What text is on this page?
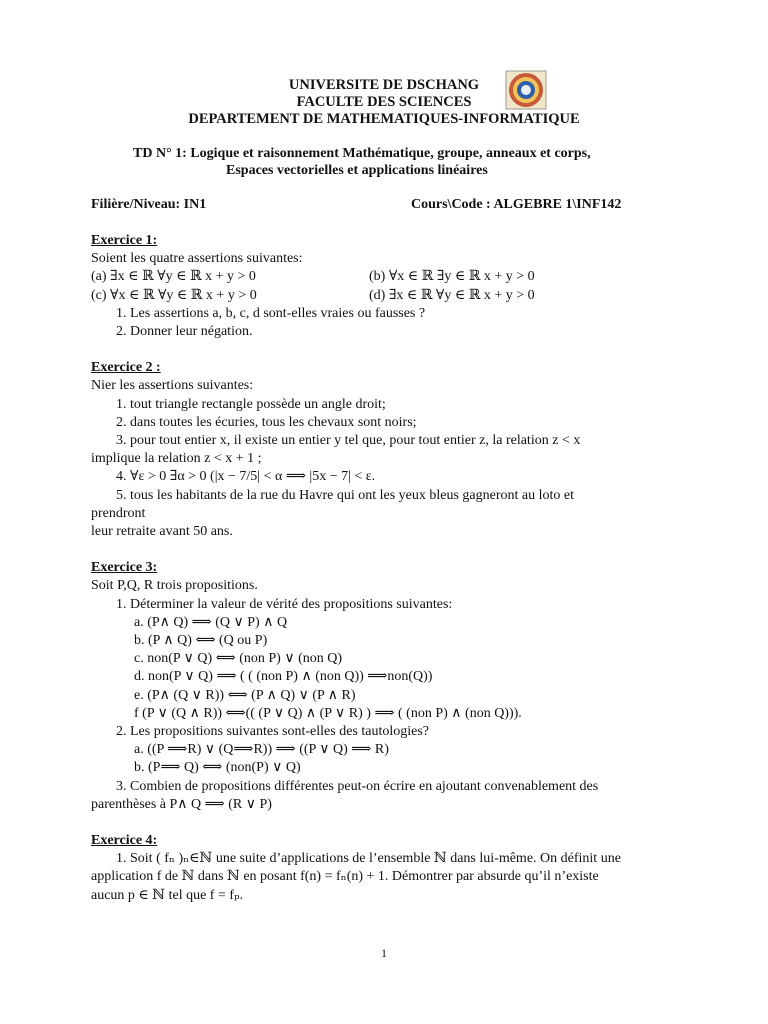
UNIVERSITE DE DSCHANG
FACULTE DES SCIENCES
DEPARTEMENT DE MATHEMATIQUES-INFORMATIQUE
TD N° 1: Logique et raisonnement Mathématique, groupe, anneaux et corps,
Espaces vectorielles et applications linéaires
Filière/Niveau: IN1	Cours\Code : ALGEBRE 1\INF142
Exercice 1:
Soient les quatre assertions suivantes:
(a) ∃x ∈ ℝ ∀y ∈ ℝ x + y > 0	(b) ∀x ∈ ℝ ∃y ∈ ℝ x + y > 0
(c) ∀x ∈ ℝ ∀y ∈ ℝ x + y > 0	(d) ∃x ∈ ℝ ∀y ∈ ℝ x + y > 0
1. Les assertions a, b, c, d sont-elles vraies ou fausses ?
2. Donner leur négation.
Exercice 2 :
Nier les assertions suivantes:
1. tout triangle rectangle possède un angle droit;
2. dans toutes les écuries, tous les chevaux sont noirs;
3. pour tout entier x, il existe un entier y tel que, pour tout entier z, la relation z < x
implique la relation z < x + 1 ;
4. ∀ε > 0 ∃α > 0 (|x − 7/5| < α ⟹ |5x − 7| < ε.
5. tous les habitants de la rue du Havre qui ont les yeux bleus gagneront au loto et
prendront
leur retraite avant 50 ans.
Exercice 3:
Soit P,Q, R trois propositions.
1. Déterminer la valeur de vérité des propositions suivantes:
a. (P∧ Q) ⟹ (Q ∨ P) ∧ Q
b. (P ∧ Q) ⟺ (Q ou P)
c. non(P ∨ Q) ⟺ (non P) ∨ (non Q)
d. non(P ∨ Q) ⟹ ( ( (non P) ∧ (non Q)) ⟹non(Q))
e. (P∧ (Q ∨ R)) ⟺ (P ∧ Q) ∨ (P ∧ R)
f (P ∨ (Q ∧ R)) ⟺(( (P ∨ Q) ∧ (P ∨ R) ) ⟹ ( (non P) ∧ (non Q))).
2. Les propositions suivantes sont-elles des tautologies?
a. ((P ⟹R) ∨ (Q⟹R)) ⟹ ((P ∨ Q) ⟹ R)
b. (P⟹ Q) ⟺ (non(P) ∨ Q)
3. Combien de propositions différentes peut-on écrire en ajoutant convenablement des
parenthèses à P∧ Q ⟹ (R ∨ P)
Exercice 4:
1. Soit ( fₙ )ₙ∈ℕ une suite d’applications de l’ensemble ℕ dans lui-même. On définit une
application f de ℕ dans ℕ en posant f(n) = fₙ(n) + 1. Démontrer par absurde qu’il n’existe
aucun p ∈ ℕ tel que f = fₚ.
1
